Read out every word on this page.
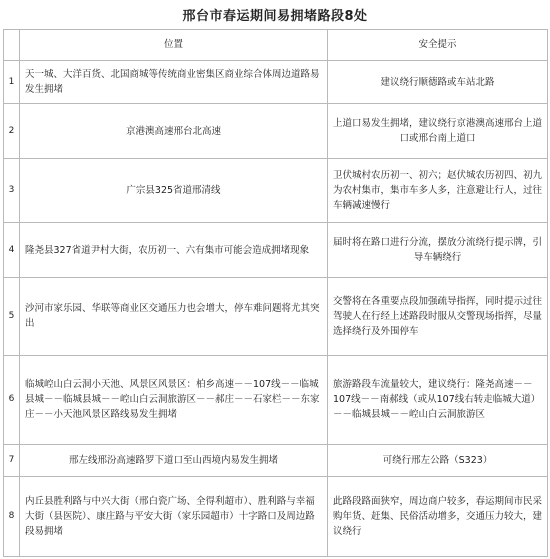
邢台市春运期间易拥堵路段8处
	位置	安全提示
1	天一城、大洋百货、北国商城等传统商业密集区商业综合体周边道路易发生拥堵	建议绕行顺德路或车站北路
2	京港澳高速邢台北高速	上道口易发生拥堵，建议绕行京港澳高速邢台上道口或邢台南上道口
3	广宗县325省道邢清线	卫伏城村农历初一、初六；赵伏城农历初四、初九为农村集市，集市车多人多，注意避让行人，过往车辆减速慢行
4	隆尧县327省道尹村大街，农历初一、六有集市可能会造成拥堵现象	届时将在路口进行分流，摆放分流绕行提示牌，引导车辆绕行
5	沙河市家乐园、华联等商业区交通压力也会增大，停车难问题将尤其突出	交警将在各重要点段加强疏导指挥，同时提示过往驾驶人在行经上述路段时服从交警现场指挥，尽量选择绕行及外围停车
6	临城崆山白云洞小天池、风景区风景区：柏乡高速－－107线－－临城县城－－临城县城－－崆山白云洞旅游区－－郝庄－－石家栏－－东家庄－－小天池风景区路线易发生拥堵	旅游路段车流量较大，建议绕行：隆尧高速－－107线－－南郝线（或从107线右转走临城大道）－－临城县城－－崆山白云洞旅游区
7	邢左线邢汾高速路罗下道口至山西境内易发生拥堵	可绕行邢左公路（S323）
8	内丘县胜利路与中兴大街（邢白瓷广场、全得利超市）、胜利路与幸福大街（县医院）、康庄路与平安大街（家乐园超市）十字路口及周边路段易拥堵	此路段路面狭窄，周边商户较多，春运期间市民采购年货、赶集、民俗活动增多，交通压力较大，建议绕行
